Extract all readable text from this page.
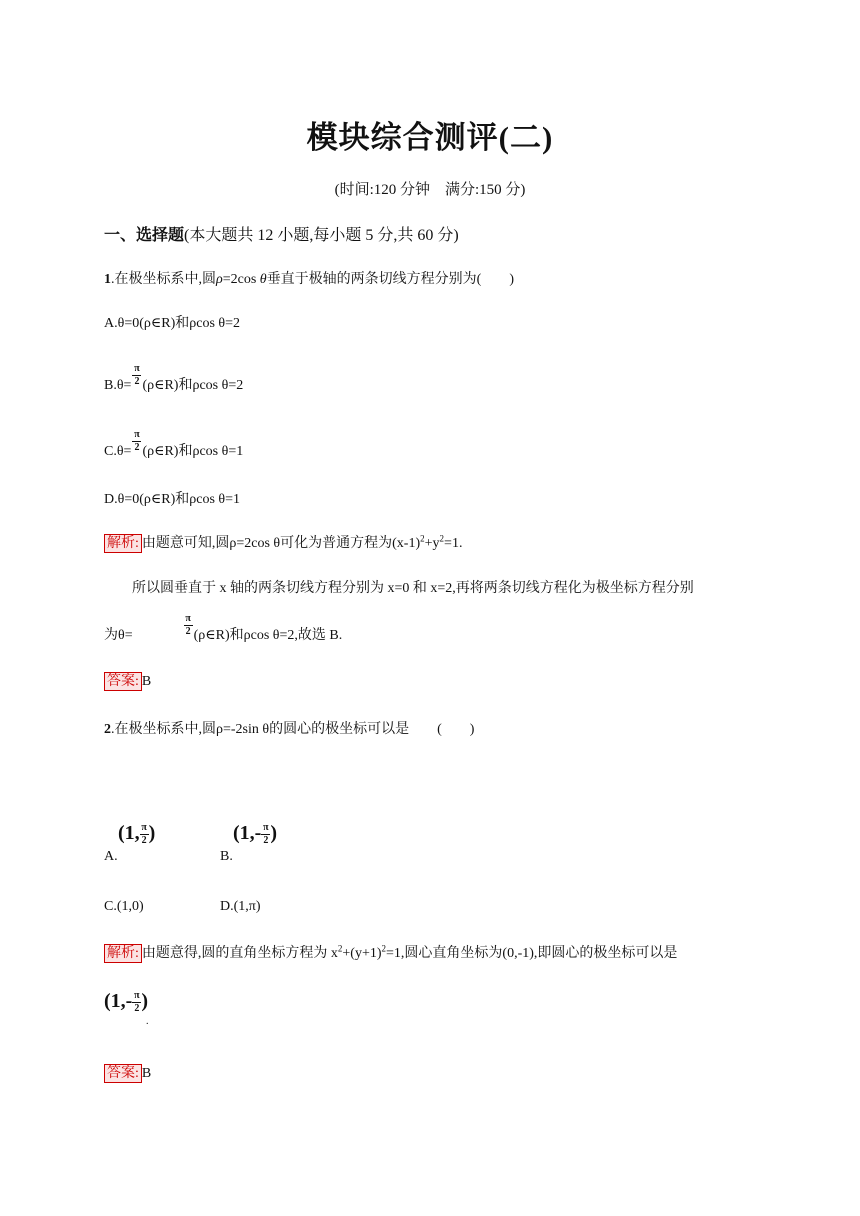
模块综合测评(二)
(时间:120 分钟　满分:150 分)
一、选择题(本大题共 12 小题,每小题 5 分,共 60 分)
1.在极坐标系中,圆ρ=2cos θ垂直于极轴的两条切线方程分别为(　　)
A.θ=0(ρ∈R)和ρcos θ=2
$B.\theta= \frac{\pi}{2}$ (ρ∈R)和ρcos θ=2
$C.\theta= \frac{\pi}{2}$ (ρ∈R)和ρcos θ=1
D.θ=0(ρ∈R)和ρcos θ=1
解析: 由题意可知,圆ρ=2cos θ可化为普通方程为$(x-1)^2+y^2=1$.
所以圆垂直于 x 轴的两条切线方程分别为 x=0 和 x=2,再将两条切线方程化为极坐标方程分别
为θ=	$\frac{\pi}{2}$ (ρ∈R)和ρcos θ=2,故选 B.
答案: B
2.在极坐标系中,圆ρ=-2sin θ的圆心的极坐标可以是　　(　　)
(1, $\frac{\pi}{2}$ )
A.
($1,- \frac{\pi}{2}$ )
B.
C.(1,0)	D.(1,π)
解析: 由题意得,圆的直角坐标方程为 $x^2+(y+1)^2=1$,圆心直角坐标为(0,-1),即圆心的极坐标可以是
($1,- \frac{\pi}{2}$ )
.
答案: B
